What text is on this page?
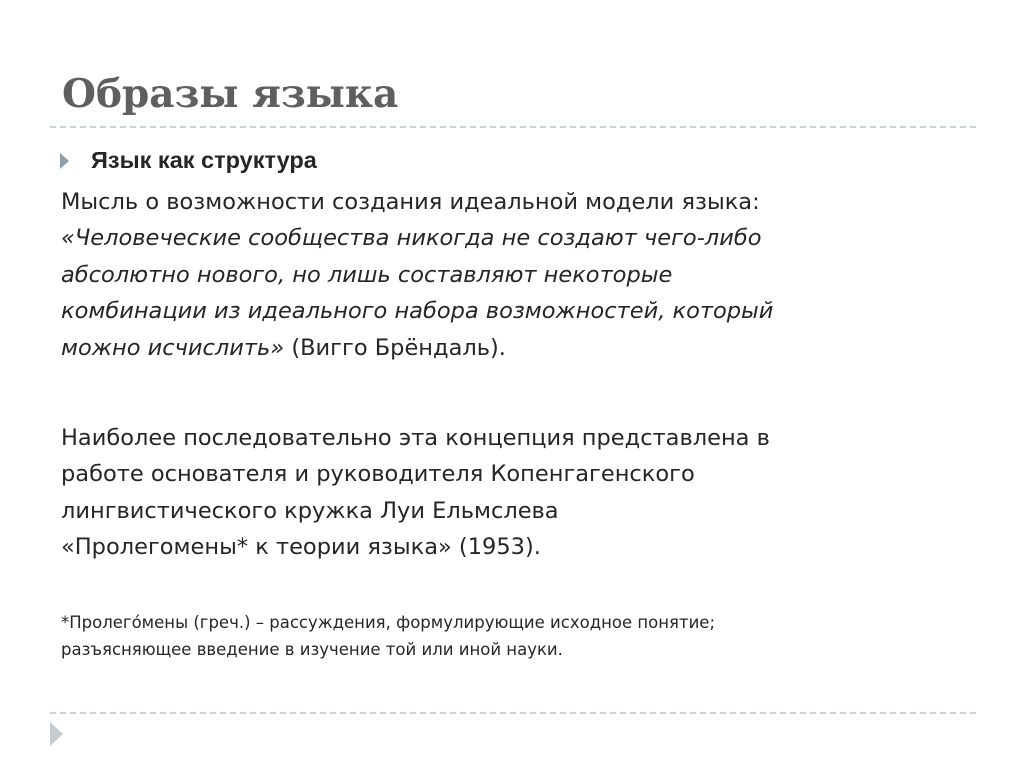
Образы языка

Язык как структура

Мысль о возможности создания идеальной модели языка:
«Человеческие сообщества никогда не создают чего-либо
абсолютно нового, но лишь составляют некоторые
комбинации из идеального набора возможностей, который
можно исчислить» (Вигго Брёндаль).
Наиболее последовательно эта концепция представлена в
работе основателя и руководителя Копенгагенского
лингвистического кружка Луи Ельмслева
«Пролегомены* к теории языка» (1953).
*Пролего́мены (греч.) – рассуждения, формулирующие исходное понятие;
разъясняющее введение в изучение той или иной науки.
